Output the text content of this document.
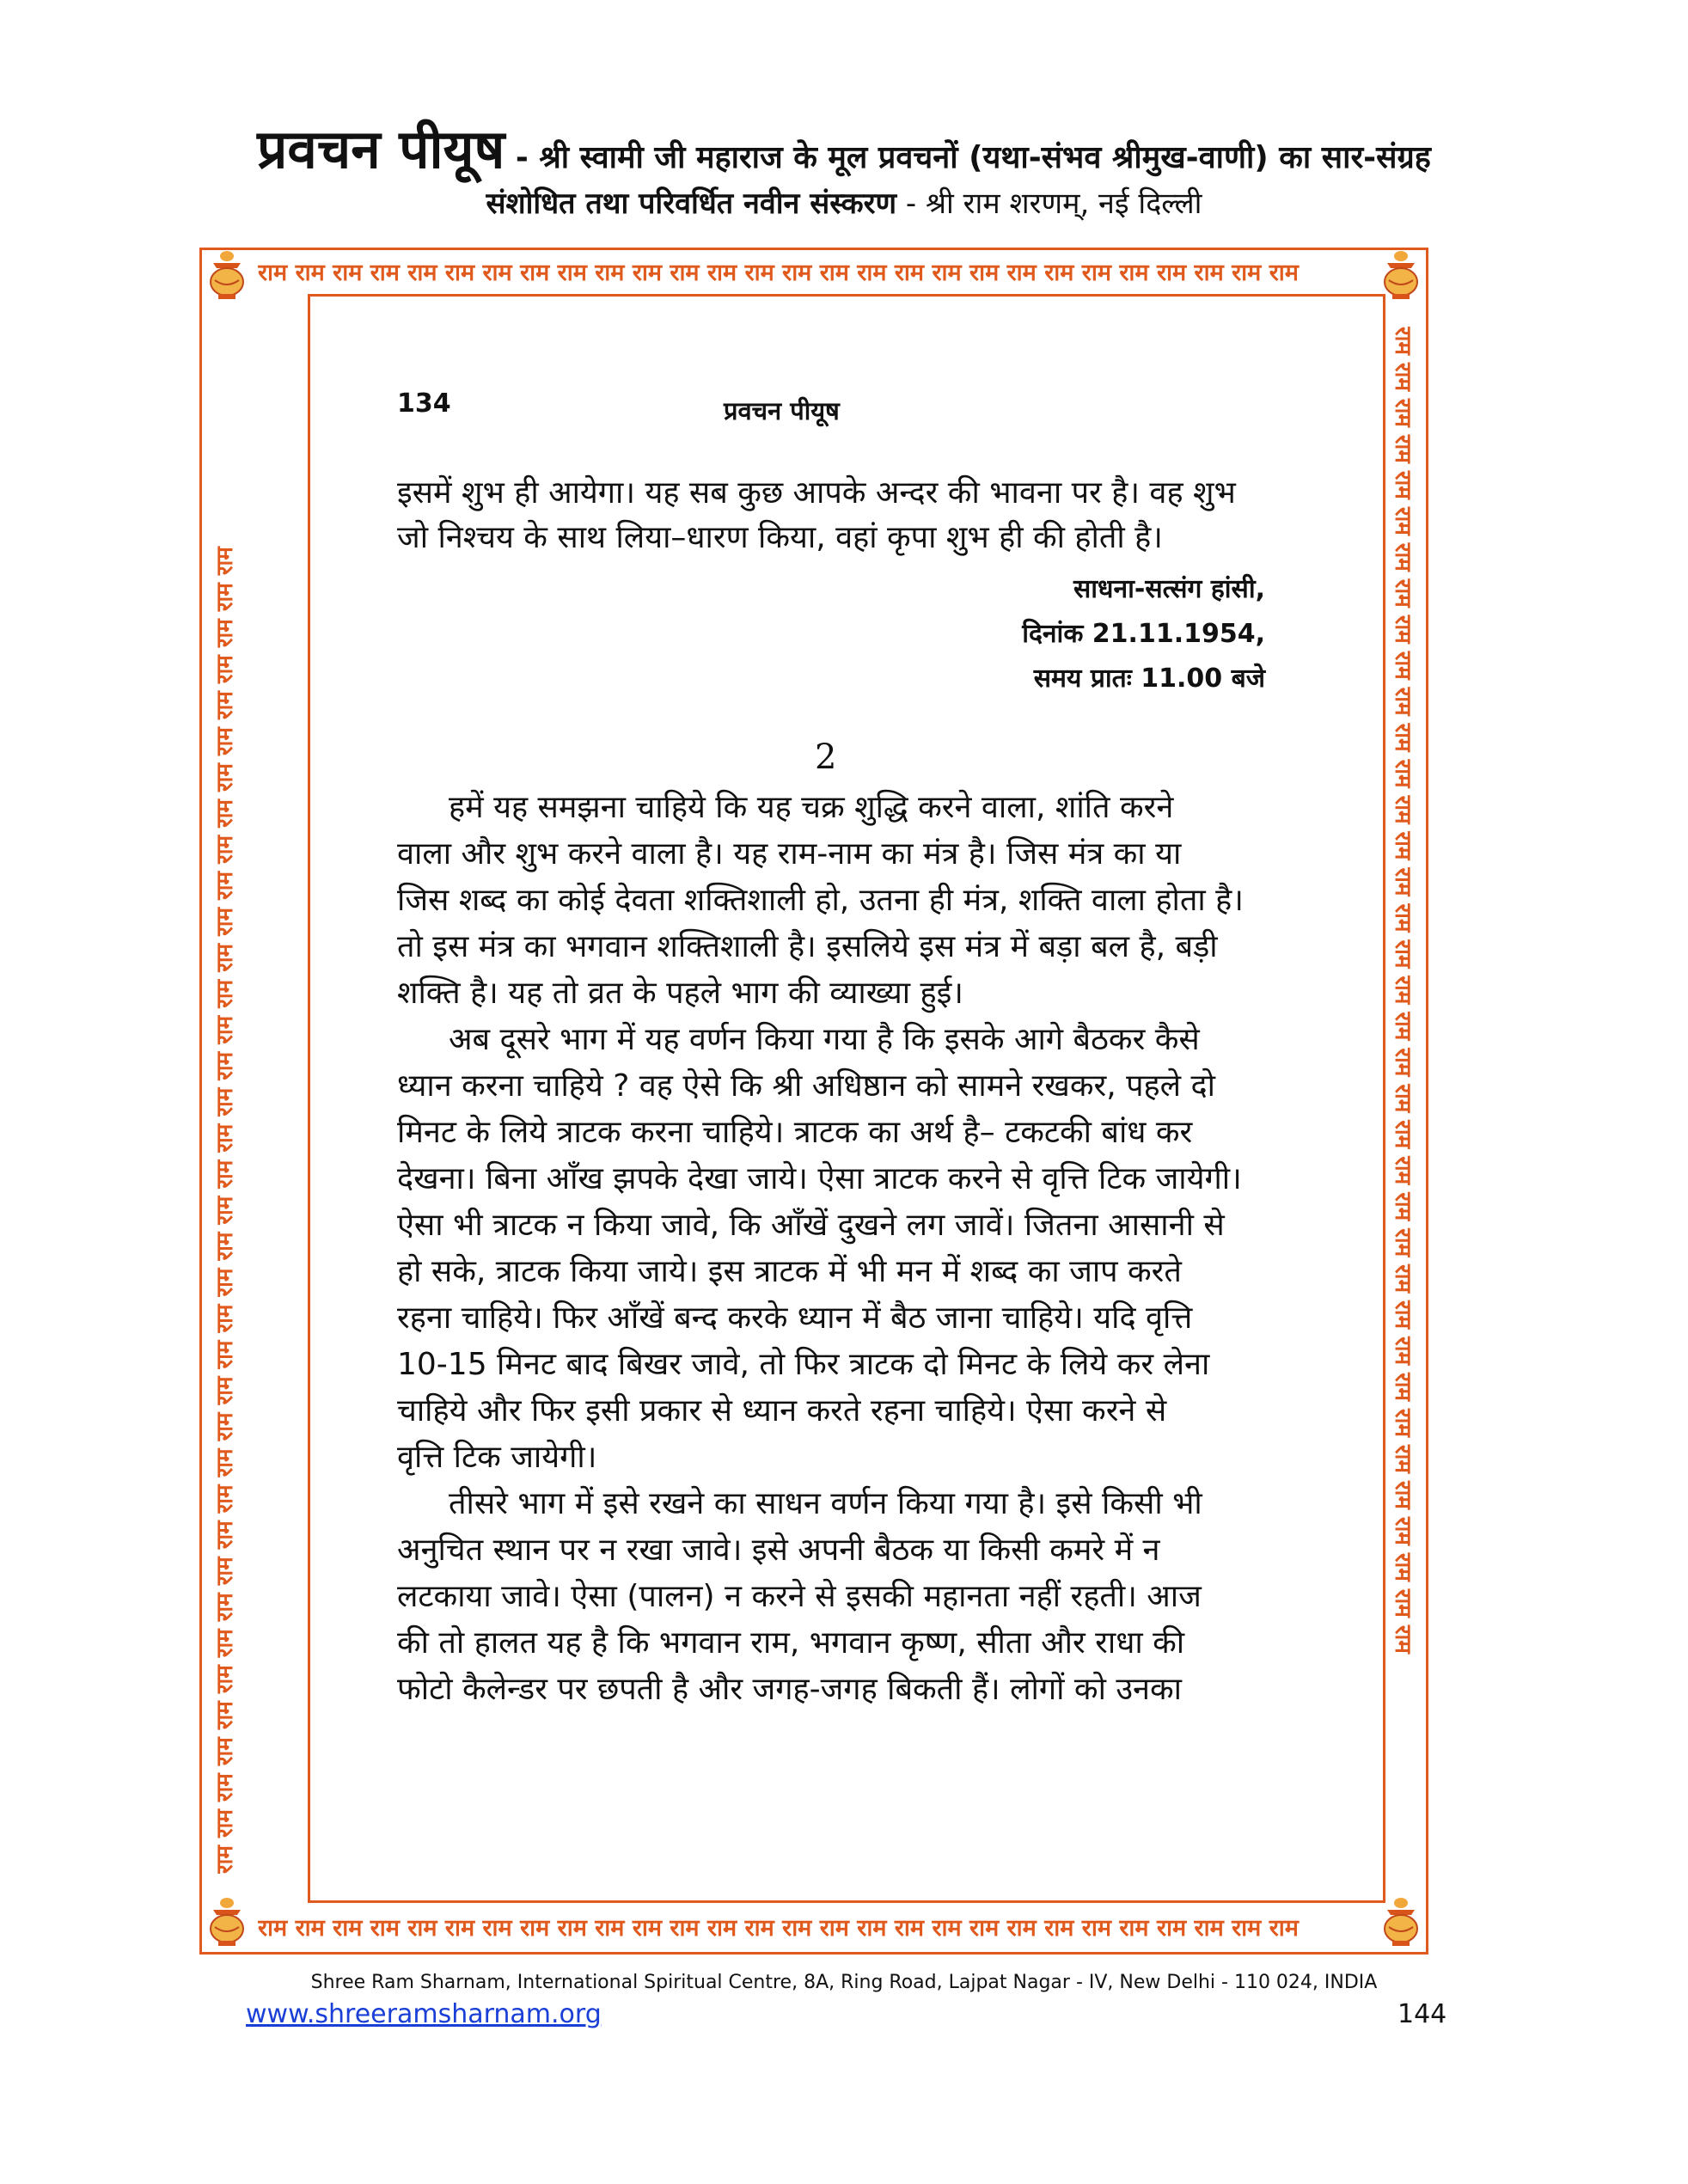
प्रवचन पीयूष - श्री स्वामी जी महाराज के मूल प्रवचनों (यथा-संभव श्रीमुख-वाणी) का सार-संग्रह
संशोधित तथा परिवर्धित नवीन संस्करण - श्री राम शरणम्, नई दिल्ली
राम राम राम राम राम राम राम राम राम राम राम राम राम राम राम राम राम राम राम राम राम राम राम राम राम राम राम राम
राम राम राम राम राम राम राम राम राम राम राम राम राम राम राम राम राम राम राम राम राम राम राम राम राम राम राम राम
राम राम राम राम राम राम राम राम राम राम राम राम राम राम राम राम राम राम राम राम राम राम राम राम राम राम राम राम राम राम राम राम राम राम राम राम राम	राम राम राम राम राम राम राम राम राम राम राम राम राम राम राम राम राम राम राम राम राम राम राम राम राम राम राम राम राम राम राम राम राम राम राम राम राम
134	प्रवचन पीयूष
इसमें शुभ ही आयेगा। यह सब कुछ आपके अन्दर की भावना पर है। वह शुभ
जो निश्चय के साथ लिया–धारण किया, वहां कृपा शुभ ही की होती है।
साधना-सत्संग हांसी,
दिनांक 21.11.1954,
समय प्रातः 11.00 बजे
2
हमें यह समझना चाहिये कि यह चक्र शुद्धि करने वाला, शांति करने
वाला और शुभ करने वाला है। यह राम-नाम का मंत्र है। जिस मंत्र का या
जिस शब्द का कोई देवता शक्तिशाली हो, उतना ही मंत्र, शक्ति वाला होता है।
तो इस मंत्र का भगवान शक्तिशाली है। इसलिये इस मंत्र में बड़ा बल है, बड़ी
शक्ति है। यह तो व्रत के पहले भाग की व्याख्या हुई।
अब दूसरे भाग में यह वर्णन किया गया है कि इसके आगे बैठकर कैसे
ध्यान करना चाहिये ? वह ऐसे कि श्री अधिष्ठान को सामने रखकर, पहले दो
मिनट के लिये त्राटक करना चाहिये। त्राटक का अर्थ है– टकटकी बांध कर
देखना। बिना आँख झपके देखा जाये। ऐसा त्राटक करने से वृत्ति टिक जायेगी।
ऐसा भी त्राटक न किया जावे, कि आँखें दुखने लग जावें। जितना आसानी से
हो सके, त्राटक किया जाये। इस त्राटक में भी मन में शब्द का जाप करते
रहना चाहिये। फिर आँखें बन्द करके ध्यान में बैठ जाना चाहिये। यदि वृत्ति
10-15 मिनट बाद बिखर जावे, तो फिर त्राटक दो मिनट के लिये कर लेना
चाहिये और फिर इसी प्रकार से ध्यान करते रहना चाहिये। ऐसा करने से
वृत्ति टिक जायेगी।
तीसरे भाग में इसे रखने का साधन वर्णन किया गया है। इसे किसी भी
अनुचित स्थान पर न रखा जावे। इसे अपनी बैठक या किसी कमरे में न
लटकाया जावे। ऐसा (पालन) न करने से इसकी महानता नहीं रहती। आज
की तो हालत यह है कि भगवान राम, भगवान कृष्ण, सीता और राधा की
फोटो कैलेन्डर पर छपती है और जगह-जगह बिकती हैं। लोगों को उनका
Shree Ram Sharnam, International Spiritual Centre, 8A, Ring Road, Lajpat Nagar - IV, New Delhi - 110 024, INDIA
www.shreeramsharnam.org	144
